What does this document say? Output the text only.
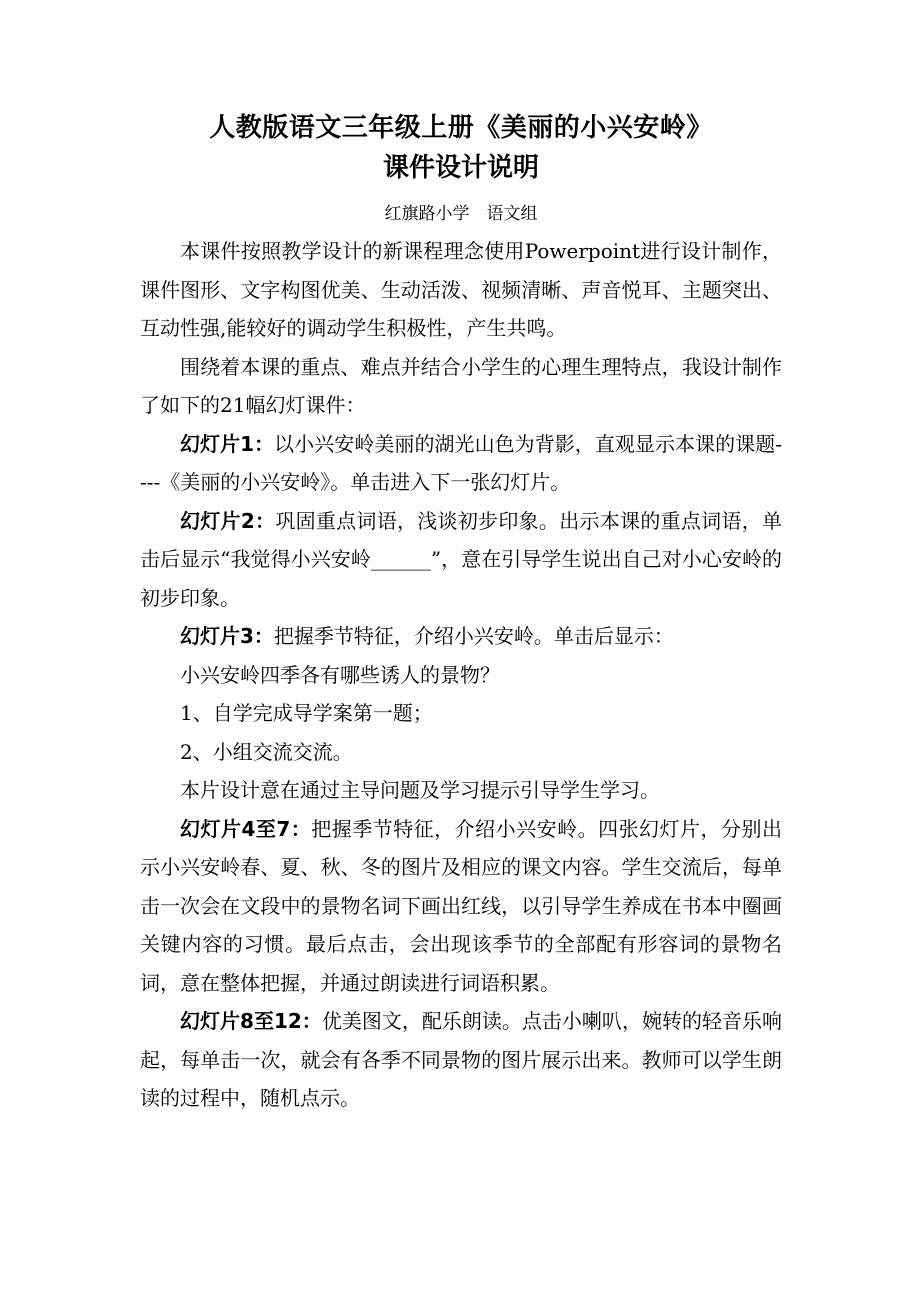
人教版语文三年级上册《美丽的小兴安岭》
课件设计说明
红旗路小学　语文组

本课件按照教学设计的新课程理念使用Powerpoint进行设计制作，课件图形、文字构图优美、生动活泼、视频清晰、声音悦耳、主题突出、互动性强,能较好的调动学生积极性，产生共鸣。

围绕着本课的重点、难点并结合小学生的心理生理特点，我设计制作了如下的21幅幻灯课件：

幻灯片1：以小兴安岭美丽的湖光山色为背影，直观显示本课的课题----《美丽的小兴安岭》。单击进入下一张幻灯片。

幻灯片2：巩固重点词语，浅谈初步印象。出示本课的重点词语，单击后显示“我觉得小兴安岭______”，意在引导学生说出自己对小心安岭的初步印象。

幻灯片3：把握季节特征，介绍小兴安岭。单击后显示：

小兴安岭四季各有哪些诱人的景物？

1、自学完成导学案第一题；

2、小组交流交流。

本片设计意在通过主导问题及学习提示引导学生学习。

幻灯片4至7：把握季节特征，介绍小兴安岭。四张幻灯片，分别出示小兴安岭春、夏、秋、冬的图片及相应的课文内容。学生交流后，每单击一次会在文段中的景物名词下画出红线，以引导学生养成在书本中圈画关键内容的习惯。最后点击，会出现该季节的全部配有形容词的景物名词，意在整体把握，并通过朗读进行词语积累。

幻灯片8至12：优美图文，配乐朗读。点击小喇叭，婉转的轻音乐响起，每单击一次，就会有各季不同景物的图片展示出来。教师可以学生朗读的过程中，随机点示。
